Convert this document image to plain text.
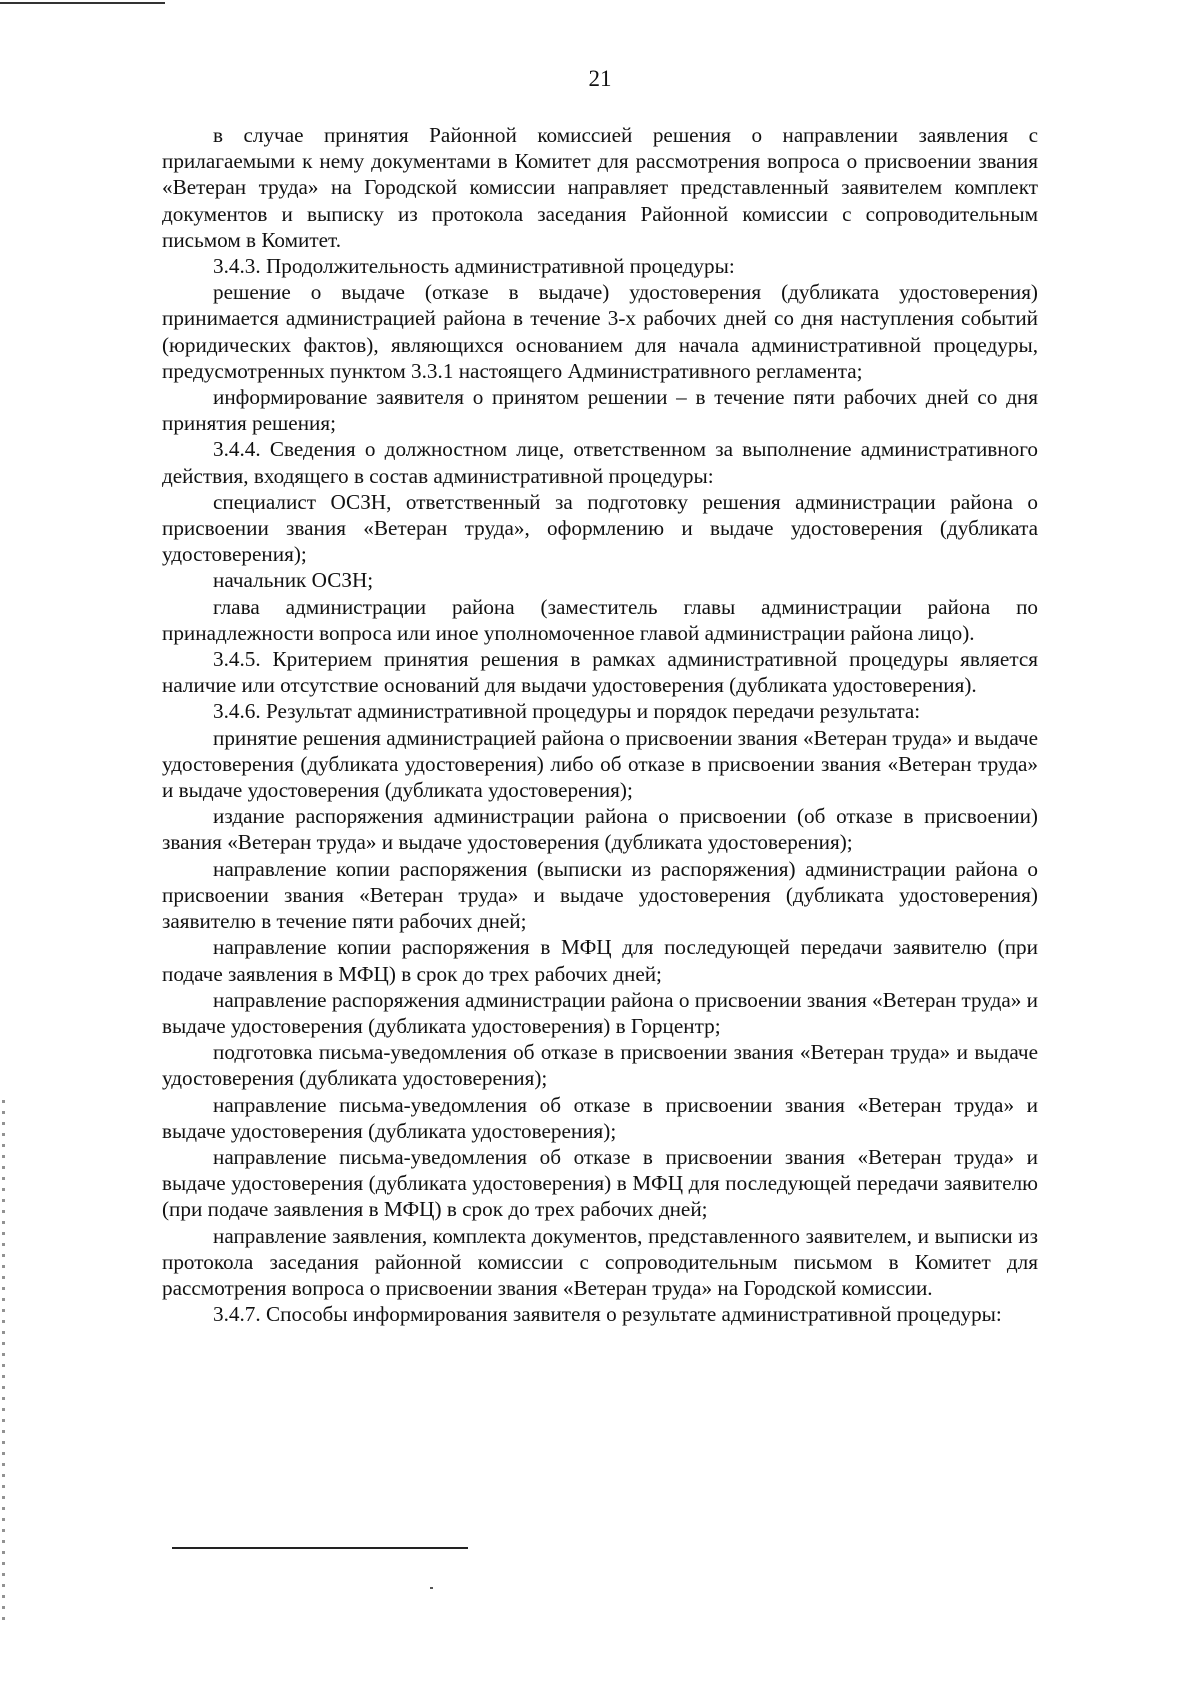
21

в случае принятия Районной комиссией решения о направлении заявления с прилагаемыми к нему документами в Комитет для рассмотрения вопроса о присвоении звания «Ветеран труда» на Городской комиссии направляет представленный заявителем комплект документов и выписку из протокола заседания Районной комиссии с сопроводительным письмом в Комитет.

3.4.3. Продолжительность административной процедуры:

решение о выдаче (отказе в выдаче) удостоверения (дубликата удостоверения) принимается администрацией района в течение 3-х рабочих дней со дня наступления событий (юридических фактов), являющихся основанием для начала административной процедуры, предусмотренных пунктом 3.3.1 настоящего Административного регламента;

информирование заявителя о принятом решении – в течение пяти рабочих дней со дня принятия решения;

3.4.4. Сведения о должностном лице, ответственном за выполнение административного действия, входящего в состав административной процедуры:

специалист ОСЗН, ответственный за подготовку решения администрации района о присвоении звания «Ветеран труда», оформлению и выдаче удостоверения (дубликата удостоверения);

начальник ОСЗН;

глава администрации района (заместитель главы администрации района по принадлежности вопроса или иное уполномоченное главой администрации района лицо).

3.4.5. Критерием принятия решения в рамках административной процедуры является наличие или отсутствие оснований для выдачи удостоверения (дубликата удостоверения).

3.4.6. Результат административной процедуры и порядок передачи результата:

принятие решения администрацией района о присвоении звания «Ветеран труда» и выдаче удостоверения (дубликата удостоверения) либо об отказе в присвоении звания «Ветеран труда» и выдаче удостоверения (дубликата удостоверения);

издание распоряжения администрации района о присвоении (об отказе в присвоении) звания «Ветеран труда» и выдаче удостоверения (дубликата удостоверения);

направление копии распоряжения (выписки из распоряжения) администрации района о присвоении звания «Ветеран труда» и выдаче удостоверения (дубликата удостоверения) заявителю в течение пяти рабочих дней;

направление копии распоряжения в МФЦ для последующей передачи заявителю (при подаче заявления в МФЦ) в срок до трех рабочих дней;

направление распоряжения администрации района о присвоении звания «Ветеран труда» и выдаче удостоверения (дубликата удостоверения) в Горцентр;

подготовка письма-уведомления об отказе в присвоении звания «Ветеран труда» и выдаче удостоверения (дубликата удостоверения);

направление письма-уведомления об отказе в присвоении звания «Ветеран труда» и выдаче удостоверения (дубликата удостоверения);

направление письма-уведомления об отказе в присвоении звания «Ветеран труда» и выдаче удостоверения (дубликата удостоверения) в МФЦ для последующей передачи заявителю (при подаче заявления в МФЦ) в срок до трех рабочих дней;

направление заявления, комплекта документов, представленного заявителем, и выписки из протокола заседания районной комиссии с сопроводительным письмом в Комитет для рассмотрения вопроса о присвоении звания «Ветеран труда» на Городской комиссии.

3.4.7. Способы информирования заявителя о результате административной процедуры:
